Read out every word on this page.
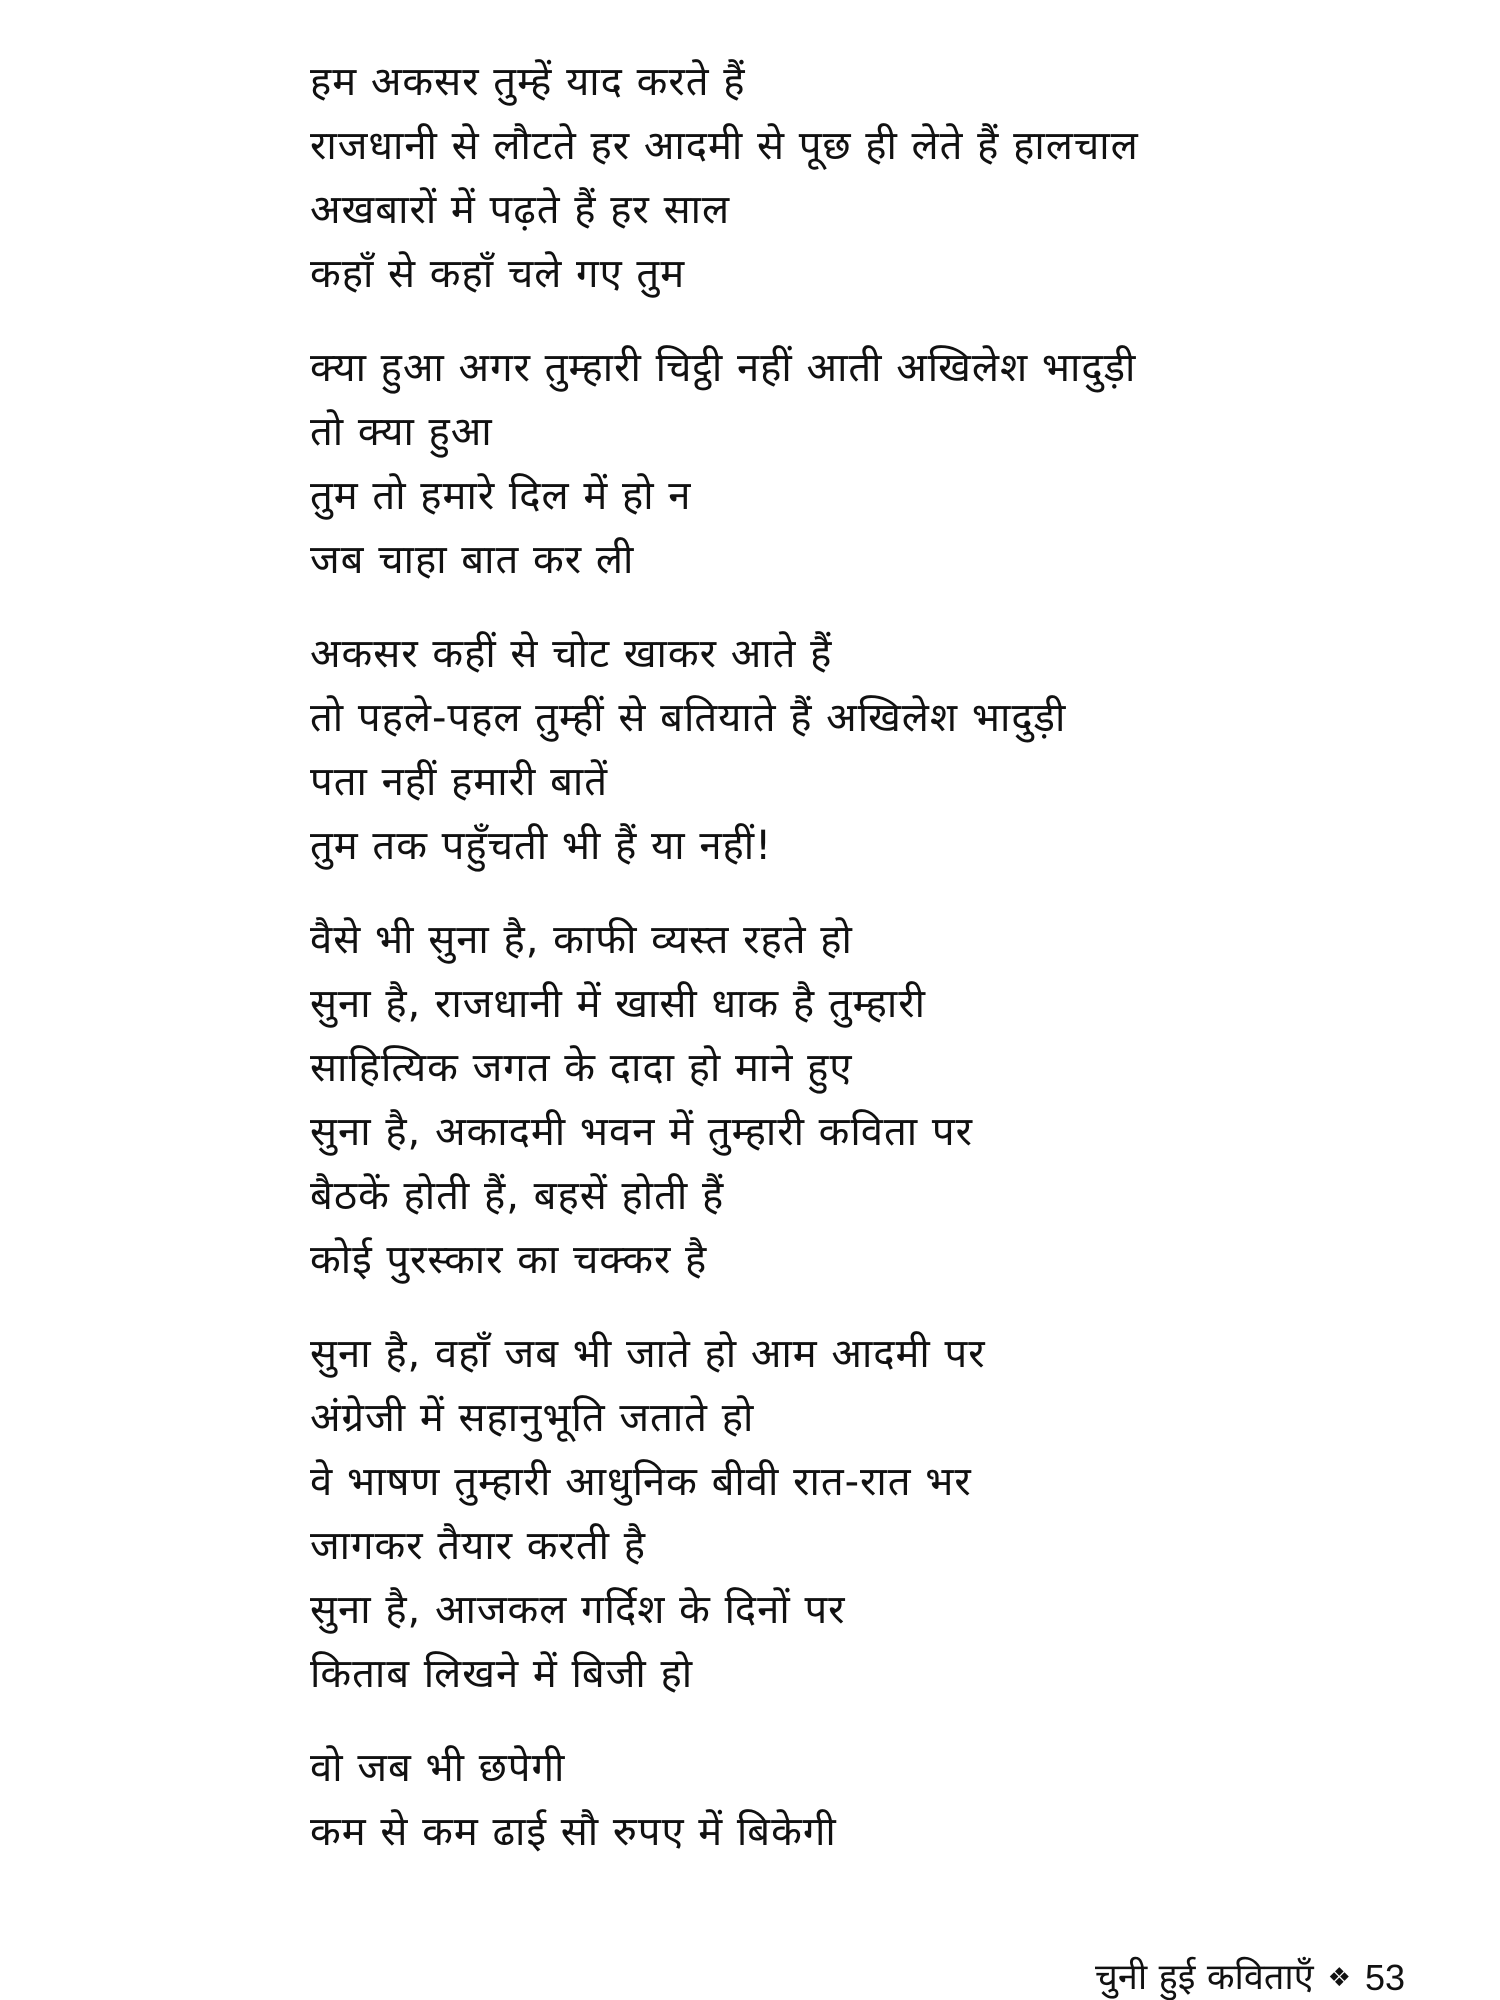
हम अकसर तुम्हें याद करते हैं
राजधानी से लौटते हर आदमी से पूछ ही लेते हैं हालचाल
अखबारों में पढ़ते हैं हर साल
कहाँ से कहाँ चले गए तुम
क्या हुआ अगर तुम्हारी चिट्ठी नहीं आती अखिलेश भादुड़ी
तो क्या हुआ
तुम तो हमारे दिल में हो न
जब चाहा बात कर ली
अकसर कहीं से चोट खाकर आते हैं
तो पहले-पहल तुम्हीं से बतियाते हैं अखिलेश भादुड़ी
पता नहीं हमारी बातें
तुम तक पहुँचती भी हैं या नहीं!
वैसे भी सुना है, काफी व्यस्त रहते हो
सुना है, राजधानी में खासी धाक है तुम्हारी
साहित्यिक जगत के दादा हो माने हुए
सुना है, अकादमी भवन में तुम्हारी कविता पर
बैठकें होती हैं, बहसें होती हैं
कोई पुरस्कार का चक्कर है
सुना है, वहाँ जब भी जाते हो आम आदमी पर
अंग्रेजी में सहानुभूति जताते हो
वे भाषण तुम्हारी आधुनिक बीवी रात-रात भर
जागकर तैयार करती है
सुना है, आजकल गर्दिश के दिनों पर
किताब लिखने में बिजी हो
वो जब भी छपेगी
कम से कम ढाई सौ रुपए में बिकेगी
चुनी हुई कविताएँ ❖ 53
